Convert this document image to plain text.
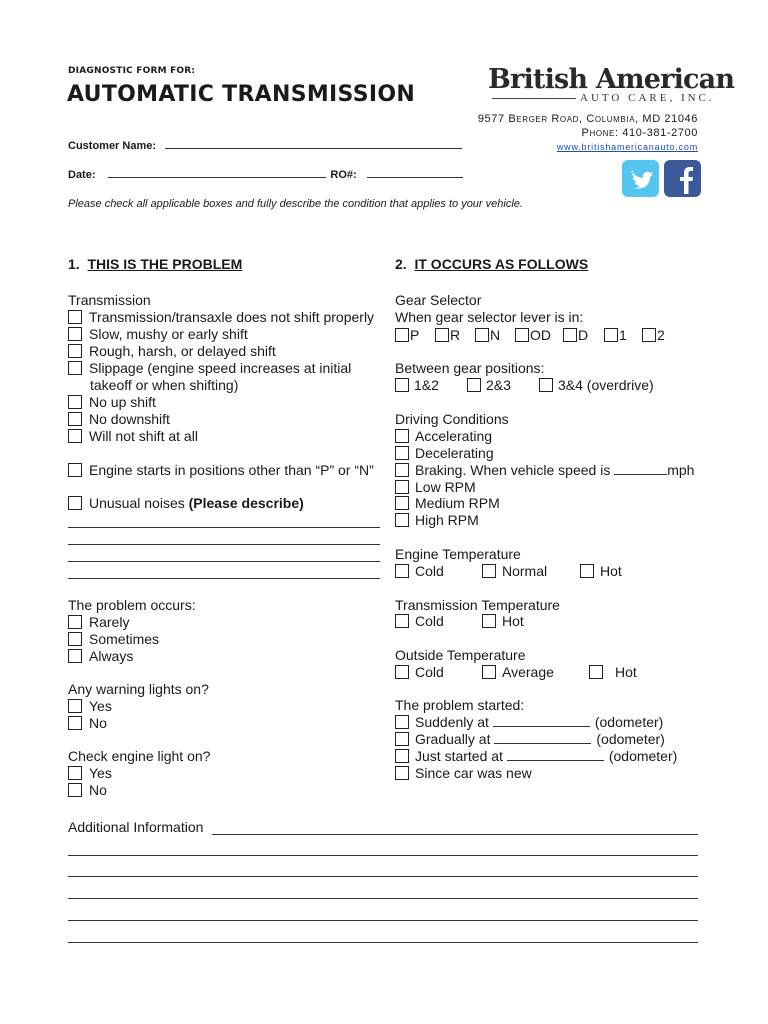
DIAGNOSTIC FORM FOR:
AUTOMATIC TRANSMISSION
Customer Name:
Date:	RO#:
Please check all applicable boxes and fully describe the condition that applies to your vehicle.
British American
AUTO CARE, INC.
9577 Berger Road, Columbia, MD 21046
Phone: 410-381-2700
www.britishamericanauto.com
1. THIS IS THE PROBLEM
Transmission
Transmission/transaxle does not shift properly
Slow, mushy or early shift
Rough, harsh, or delayed shift
Slippage (engine speed increases at initial
takeoff or when shifting)
No up shift
No downshift
Will not shift at all
Engine starts in positions other than “P” or “N”
Unusual noises (Please describe)
The problem occurs:
Rarely
Sometimes
Always
Any warning lights on?
Yes
No
Check engine light on?
Yes
No
2. IT OCCURS AS FOLLOWS
Gear Selector
When gear selector lever is in:
P R N OD D 1 2
Between gear positions:
1&2	2&3	3&4 (overdrive)
Driving Conditions
Accelerating
Decelerating
Braking. When vehicle speed is	mph
Low RPM
Medium RPM
High RPM
Engine Temperature
Cold	Normal	Hot
Transmission Temperature
Cold	Hot
Outside Temperature
Cold	Average	Hot
The problem started:
Suddenly at	(odometer)
Gradually at	(odometer)
Just started at	(odometer)
Since car was new
Additional Information
